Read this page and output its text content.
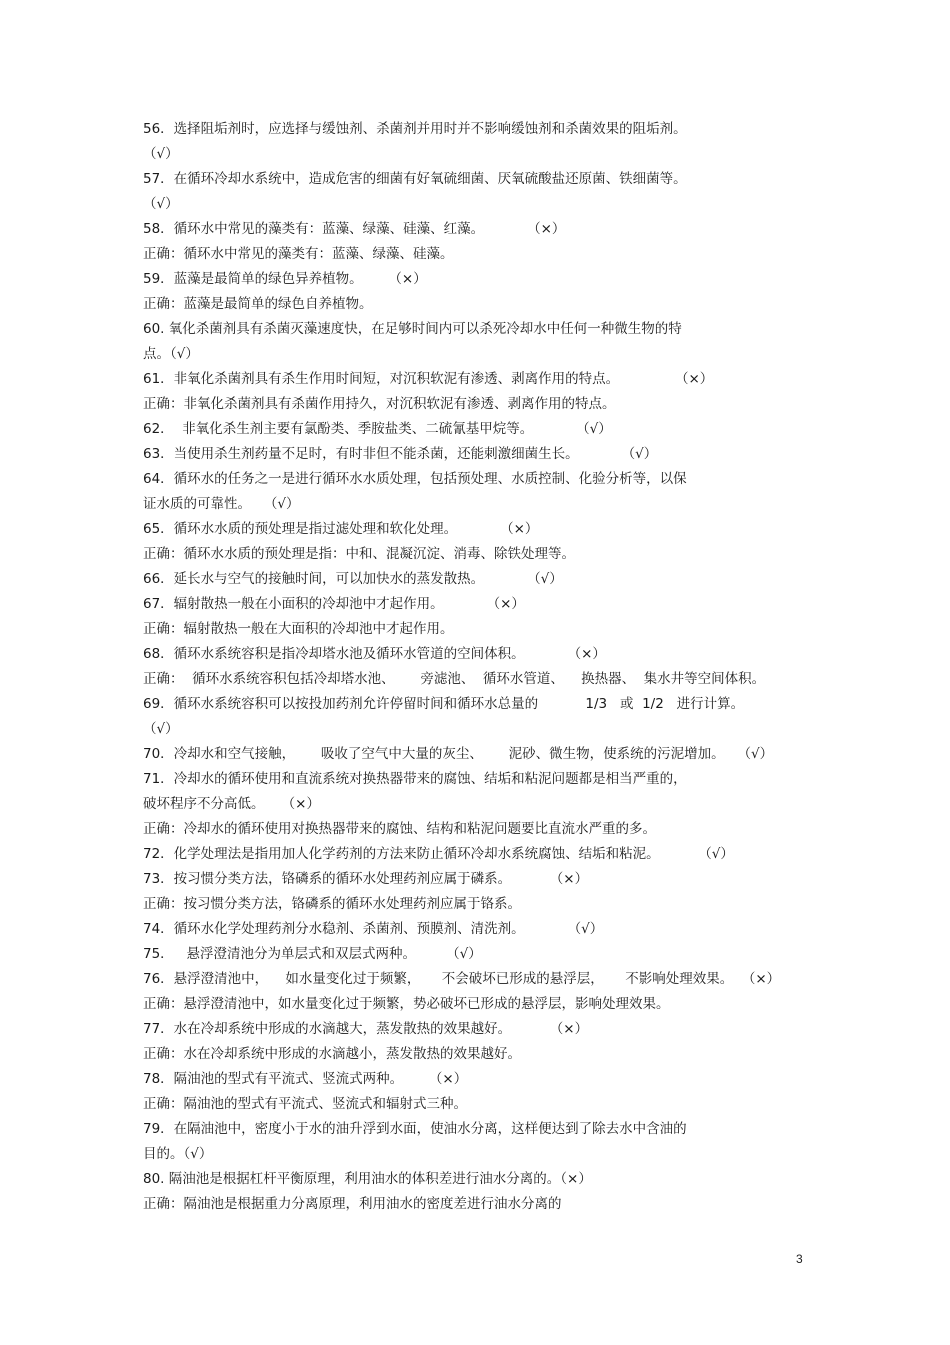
56．选择阻垢剂时，应选择与缓蚀剂、杀菌剂并用时并不影响缓蚀剂和杀菌效果的阻垢剂。
（√）
57．在循环冷却水系统中，造成危害的细菌有好氧硫细菌、厌氧硫酸盐还原菌、铁细菌等。
（√）
58．循环水中常见的藻类有：蓝藻、绿藻、硅藻、红藻。          （×）
正确：循环水中常见的藻类有：蓝藻、绿藻、硅藻。
59．蓝藻是最简单的绿色异养植物。      （×）
正确：蓝藻是最简单的绿色自养植物。
60. 氧化杀菌剂具有杀菌灭藻速度快，在足够时间内可以杀死冷却水中任何一种微生物的特
点。（√）
61．非氧化杀菌剂具有杀生作用时间短，对沉积软泥有渗透、剥离作用的特点。             （×）
正确：非氧化杀菌剂具有杀菌作用持久，对沉积软泥有渗透、剥离作用的特点。
62．  非氧化杀生剂主要有氯酚类、季胺盐类、二硫氰基甲烷等。          （√）
63．当使用杀生剂药量不足时，有时非但不能杀菌，还能刺激细菌生长。          （√）
64．循环水的任务之一是进行循环水水质处理，包括预处理、水质控制、化验分析等，以保
证水质的可靠性。   （√）
65．循环水水质的预处理是指过滤处理和软化处理。          （×）
正确：循环水水质的预处理是指：中和、混凝沉淀、消毒、除铁处理等。
66．延长水与空气的接触时间，可以加快水的蒸发散热。          （√）
67．辐射散热一般在小面积的冷却池中才起作用。          （×）
正确：辐射散热一般在大面积的冷却池中才起作用。
68．循环水系统容积是指冷却塔水池及循环水管道的空间体积。          （×）
正确：  循环水系统容积包括冷却塔水池、      旁滤池、  循环水管道、    换热器、  集水井等空间体积。
69．循环水系统容积可以按投加药剂允许停留时间和循环水总量的           1/3   或  1/2   进行计算。
（√）
70．冷却水和空气接触，      吸收了空气中大量的灰尘、      泥砂、微生物，使系统的污泥增加。   （√）
71．冷却水的循环使用和直流系统对换热器带来的腐蚀、结垢和粘泥问题都是相当严重的，
破坏程序不分高低。    （×）
正确：冷却水的循环使用对换热器带来的腐蚀、结构和粘泥问题要比直流水严重的多。
72．化学处理法是指用加人化学药剂的方法来防止循环冷却水系统腐蚀、结垢和粘泥。         （√）
73．按习惯分类方法，铬磷系的循环水处理药剂应属于磷系。         （×）
正确：按习惯分类方法，铬磷系的循环水处理药剂应属于铬系。
74．循环水化学处理药剂分水稳剂、杀菌剂、预膜剂、清洗剂。          （√）
75．   悬浮澄清池分为单层式和双层式两种。       （√）
76．悬浮澄清池中，    如水量变化过于频繁，     不会破坏已形成的悬浮层，     不影响处理效果。  （×）
正确：悬浮澄清池中，如水量变化过于频繁，势必破坏已形成的悬浮层，影响处理效果。
77．水在冷却系统中形成的水滴越大，蒸发散热的效果越好。         （×）
正确：水在冷却系统中形成的水滴越小，蒸发散热的效果越好。
78．隔油池的型式有平流式、竖流式两种。      （×）
正确：隔油池的型式有平流式、竖流式和辐射式三种。
79．在隔油池中，密度小于水的油升浮到水面，使油水分离，这样便达到了除去水中含油的
目的。（√）
80. 隔油池是根据杠杆平衡原理，利用油水的体积差进行油水分离的。（×）
正确：隔油池是根据重力分离原理，利用油水的密度差进行油水分离的
3
